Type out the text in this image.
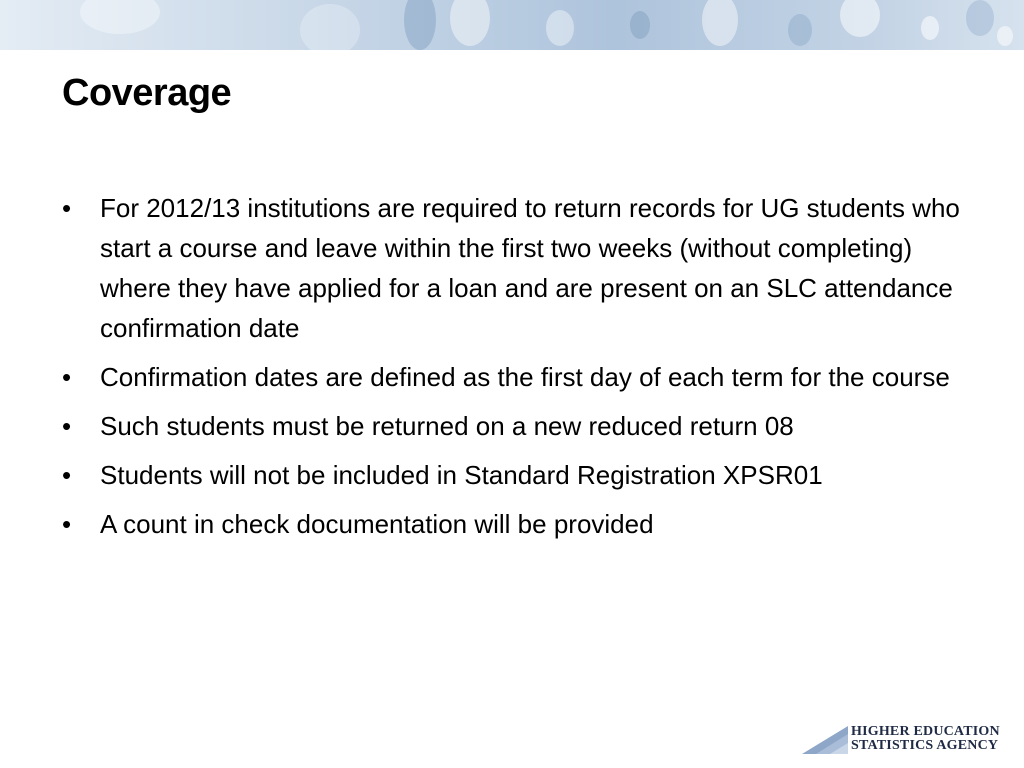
Coverage
• For 2012/13 institutions are required to return records for UG students who start a course and leave within the first two weeks (without completing) where they have applied for a loan and are present on an SLC attendance confirmation date
• Confirmation dates are defined as the first day of each term for the course
• Such students must be returned on a new reduced return 08
• Students will not be included in Standard Registration XPSR01
• A count in check documentation will be provided
HIGHER EDUCATION
STATISTICS AGENCY
